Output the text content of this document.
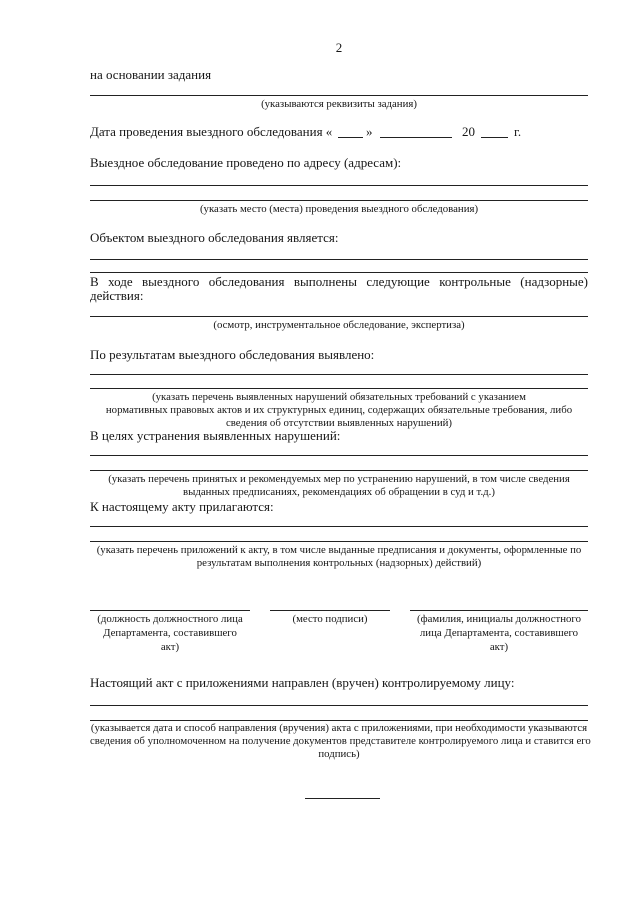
2
на основании задания
(указываются реквизиты задания)
Дата проведения выездного обследования «	»	20	г.
Выездное обследование проведено по адресу (адресам):
(указать место (места) проведения выездного обследования)
Объектом выездного обследования является:
В ходе выездного обследования выполнены следующие контрольные (надзорные)
действия:
(осмотр, инструментальное обследование, экспертиза)
По результатам выездного обследования выявлено:
(указать перечень выявленных нарушений обязательных требований с указанием
нормативных правовых актов и их структурных единиц, содержащих обязательные требования, либо
сведения об отсутствии выявленных нарушений)
В целях устранения выявленных нарушений:
(указать перечень принятых и рекомендуемых мер по устранению нарушений, в том числе сведения
выданных предписаниях, рекомендациях об обращении в суд и т.д.)
К настоящему акту прилагаются:
(указать перечень приложений к акту, в том числе выданные предписания и документы, оформленные по
результатам выполнения контрольных (надзорных) действий)
(должность должностного лица
Департамента, составившего
акт)
(место подписи)	(фамилия, инициалы должностного
лица Департамента, составившего
акт)
Настоящий акт с приложениями направлен (вручен) контролируемому лицу:
(указывается дата и способ направления (вручения) акта с приложениями, при необходимости указываются
сведения об уполномоченном на получение документов представителе контролируемого лица и ставится его
подпись)
